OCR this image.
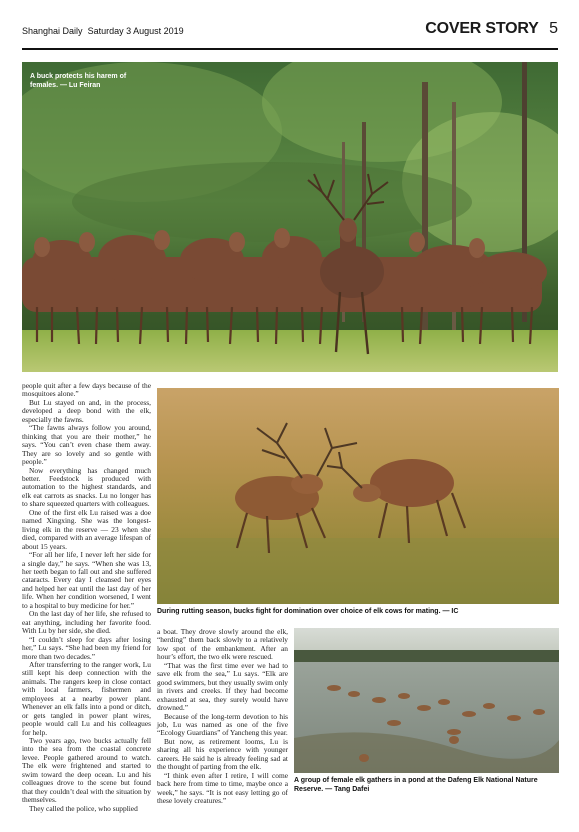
Shanghai Daily Saturday 3 August 2019	COVER STORY 5
A buck protects his harem of females. — Lu Feiran
During rutting season, bucks fight for domination over choice of elk cows for mating. — IC
A group of female elk gathers in a pond at the Dafeng Elk National Nature Reserve. — Tang Dafei

people quit after a few days because of the mosquitoes alone.”

But Lu stayed on and, in the process, developed a deep bond with the elk, especially the fawns.

“The fawns always follow you around, thinking that you are their mother,” he says. “You can’t even chase them away. They are so lovely and so gentle with people.”

Now everything has changed much better. Feedstock is produced with automation to the highest standards, and elk eat carrots as snacks. Lu no longer has to share squeezed quarters with colleagues.

One of the first elk Lu raised was a doe named Xingxing. She was the longest-living elk in the reserve — 23 when she died, compared with an average lifespan of about 15 years.

“For all her life, I never left her side for a single day,” he says. “When she was 13, her teeth began to fall out and she suffered cataracts. Every day I cleansed her eyes and helped her eat until the last day of her life. When her condition worsened, I went to a hospital to buy medicine for her.”

On the last day of her life, she refused to eat anything, including her favorite food. With Lu by her side, she died.

“I couldn’t sleep for days after losing her,” Lu says. “She had been my friend for more than two decades.”

After transferring to the ranger work, Lu still kept his deep connection with the animals. The rangers keep in close contact with local farmers, fishermen and employees at a nearby power plant. Whenever an elk falls into a pond or ditch, or gets tangled in power plant wires, people would call Lu and his colleagues for help.

Two years ago, two bucks actually fell into the sea from the coastal concrete levee. People gathered around to watch. The elk were frightened and started to swim toward the deep ocean. Lu and his colleagues drove to the scene but found that they couldn’t deal with the situation by themselves.

They called the police, who supplied

a boat. They drove slowly around the elk, “herding” them back slowly to a relatively low spot of the embankment. After an hour’s effort, the two elk were rescued.

“That was the first time ever we had to save elk from the sea,” Lu says. “Elk are good swimmers, but they usually swim only in rivers and creeks. If they had become exhausted at sea, they surely would have drowned.”

Because of the long-term devotion to his job, Lu was named as one of the five “Ecology Guardians” of Yancheng this year.

But now, as retirement looms, Lu is sharing all his experience with younger careers. He said he is already feeling sad at the thought of parting from the elk.

“I think even after I retire, I will come back here from time to time, maybe once a week,” he says. “It is not easy letting go of these lovely creatures.”
